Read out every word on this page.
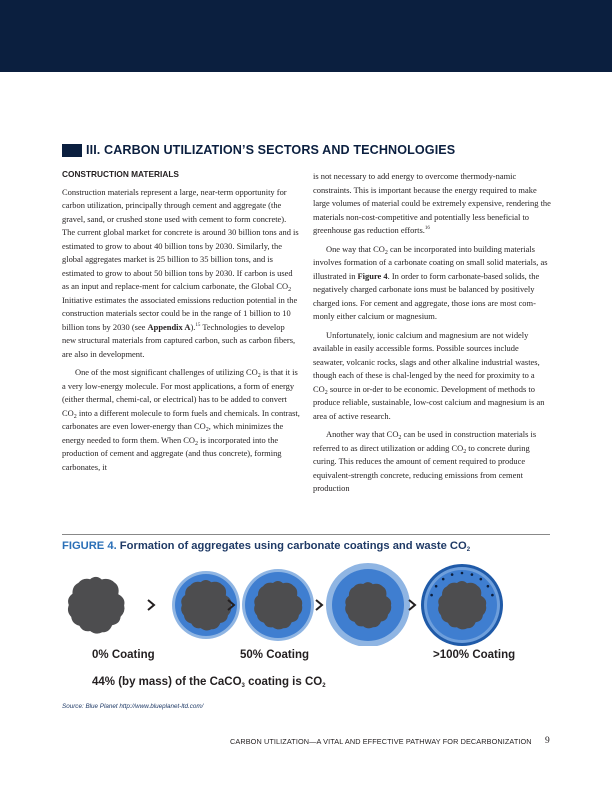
III. CARBON UTILIZATION’S SECTORS AND TECHNOLOGIES
CONSTRUCTION MATERIALS

Construction materials represent a large, near-term opportunity for carbon utilization, principally through cement and aggregate (the gravel, sand, or crushed stone used with cement to form concrete). The current global market for concrete is around 30 billion tons and is estimated to grow to about 40 billion tons by 2030. Similarly, the global aggregates market is 25 billion to 35 billion tons, and is estimated to grow to about 50 billion tons by 2030. If carbon is used as an input and replace-ment for calcium carbonate, the Global $CO_2$ Initiative estimates the associated emissions reduction potential in the construction materials sector could be in the range of 1 billion to 10 billion tons by 2030 (see Appendix A).$^{15}$ Technologies to develop new structural materials from captured carbon, such as carbon fibers, are also in development.

One of the most significant challenges of utilizing $CO_2$ is that it is a very low-energy molecule. For most applications, a form of energy (either thermal, chemi-cal, or electrical) has to be added to convert $CO_2$ into a different molecule to form fuels and chemicals. In contrast, carbonates are even lower-energy than $CO_2$, which minimizes the energy needed to form them. When $CO_2$ is incorporated into the production of cement and aggregate (and thus concrete), forming carbonates, it

is not necessary to add energy to overcome thermody-namic constraints. This is important because the energy required to make large volumes of material could be extremely expensive, rendering the materials non-cost-competitive and potentially less beneficial to greenhouse gas reduction efforts.$^{16}$

One way that $CO_2$ can be incorporated into building materials involves formation of a carbonate coating on small solid materials, as illustrated in Figure 4. In order to form carbonate-based solids, the negatively charged carbonate ions must be balanced by positively charged ions. For cement and aggregate, those ions are most com-monly either calcium or magnesium.

Unfortunately, ionic calcium and magnesium are not widely available in easily accessible forms. Possible sources include seawater, volcanic rocks, slags and other alkaline industrial wastes, though each of these is chal-lenged by the need for proximity to a $CO_2$ source in or-der to be economic. Development of methods to produce reliable, sustainable, low-cost calcium and magnesium is an area of active research.

Another way that $CO_2$ can be used in construction materials is referred to as direct utilization or adding $CO_2$ to concrete during curing. This reduces the amount of cement required to produce equivalent-strength concrete, reducing emissions from cement production

FIGURE 4. Formation of aggregates using carbonate coatings and waste $CO_2$
0% Coating	50% Coating	>100% Coating
44% (by mass) of the CaCO$_3$ coating is $CO_2$
Source: Blue Planet http://www.blueplanet-ltd.com/
CARBON UTILIZATION—A VITAL AND EFFECTIVE PATHWAY FOR DECARBONIZATION 9
